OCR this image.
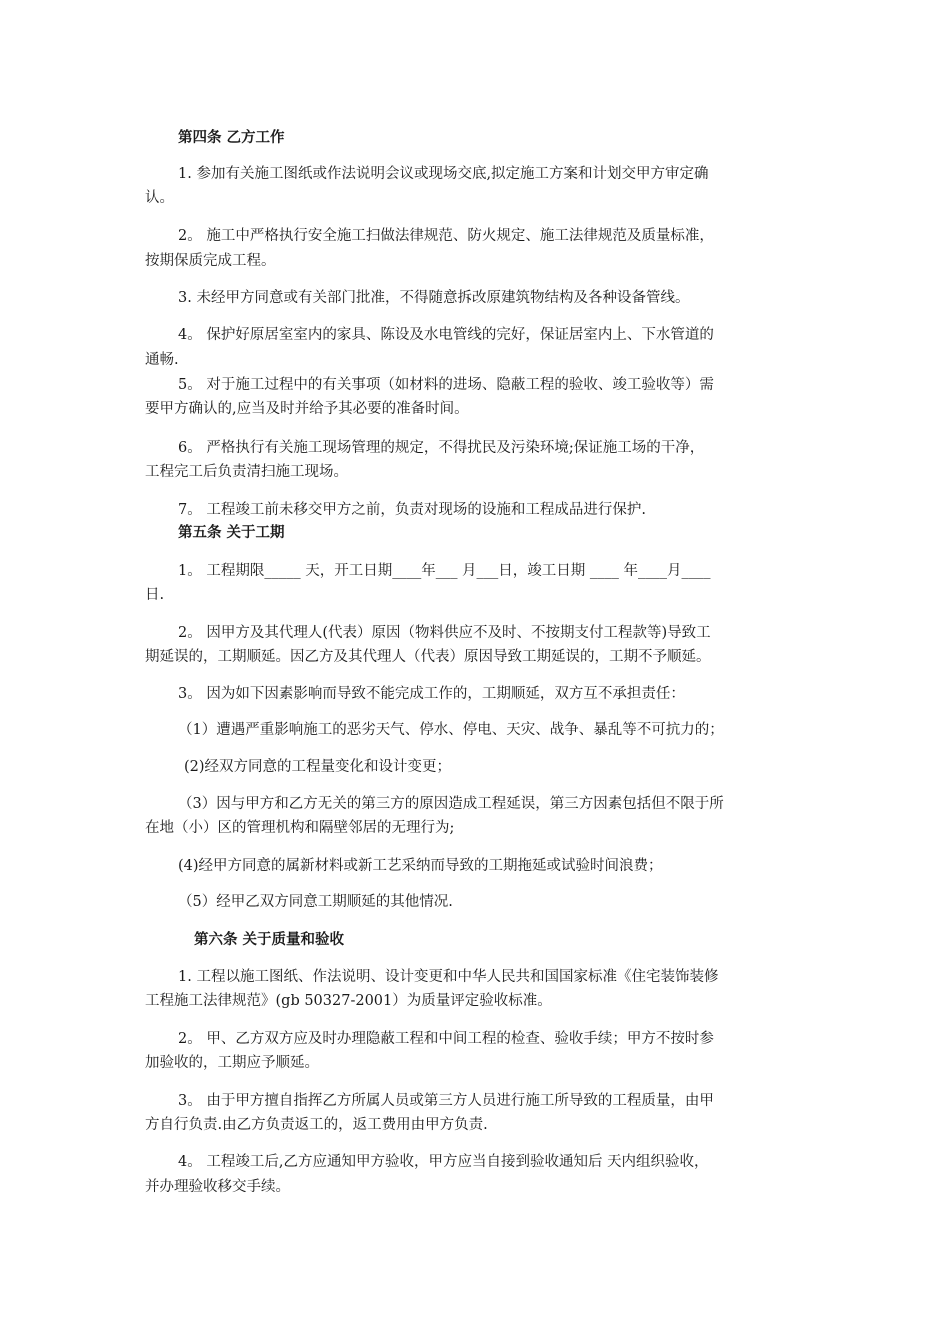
第四条 乙方工作
1. 参加有关施工图纸或作法说明会议或现场交底,拟定施工方案和计划交甲方审定确
认。
2。 施工中严格执行安全施工扫做法律规范、防火规定、施工法律规范及质量标准，
按期保质完成工程。
3. 未经甲方同意或有关部门批准，不得随意拆改原建筑物结构及各种设备管线。
4。 保护好原居室室内的家具、陈设及水电管线的完好，保证居室内上、下水管道的
通畅.
5。 对于施工过程中的有关事项（如材料的进场、隐蔽工程的验收、竣工验收等）需
要甲方确认的,应当及时并给予其必要的准备时间。
6。 严格执行有关施工现场管理的规定，不得扰民及污染环境;保证施工场的干净，
工程完工后负责清扫施工现场。
7。 工程竣工前未移交甲方之前，负责对现场的设施和工程成品进行保护.
第五条 关于工期
1。 工程期限_____ 天，开工日期____年___ 月___日，竣工日期 ____ 年____月____
日.
2。 因甲方及其代理人(代表）原因（物料供应不及时、不按期支付工程款等)导致工
期延误的，工期顺延。因乙方及其代理人（代表）原因导致工期延误的，工期不予顺延。
3。 因为如下因素影响而导致不能完成工作的，工期顺延，双方互不承担责任：
（1）遭遇严重影响施工的恶劣天气、停水、停电、天灾、战争、暴乱等不可抗力的；
(2)经双方同意的工程量变化和设计变更；
（3）因与甲方和乙方无关的第三方的原因造成工程延误，第三方因素包括但不限于所
在地（小）区的管理机构和隔壁邻居的无理行为;
(4)经甲方同意的属新材料或新工艺采纳而导致的工期拖延或试验时间浪费；
（5）经甲乙双方同意工期顺延的其他情况.
第六条 关于质量和验收
1. 工程以施工图纸、作法说明、设计变更和中华人民共和国国家标准《住宅装饰装修
工程施工法律规范》(gb 50327-2001）为质量评定验收标准。
2。 甲、乙方双方应及时办理隐蔽工程和中间工程的检查、验收手续；甲方不按时参
加验收的，工期应予顺延。
3。 由于甲方擅自指挥乙方所属人员或第三方人员进行施工所导致的工程质量，由甲
方自行负责.由乙方负责返工的，返工费用由甲方负责.
4。 工程竣工后,乙方应通知甲方验收，甲方应当自接到验收通知后 天内组织验收，
并办理验收移交手续。
